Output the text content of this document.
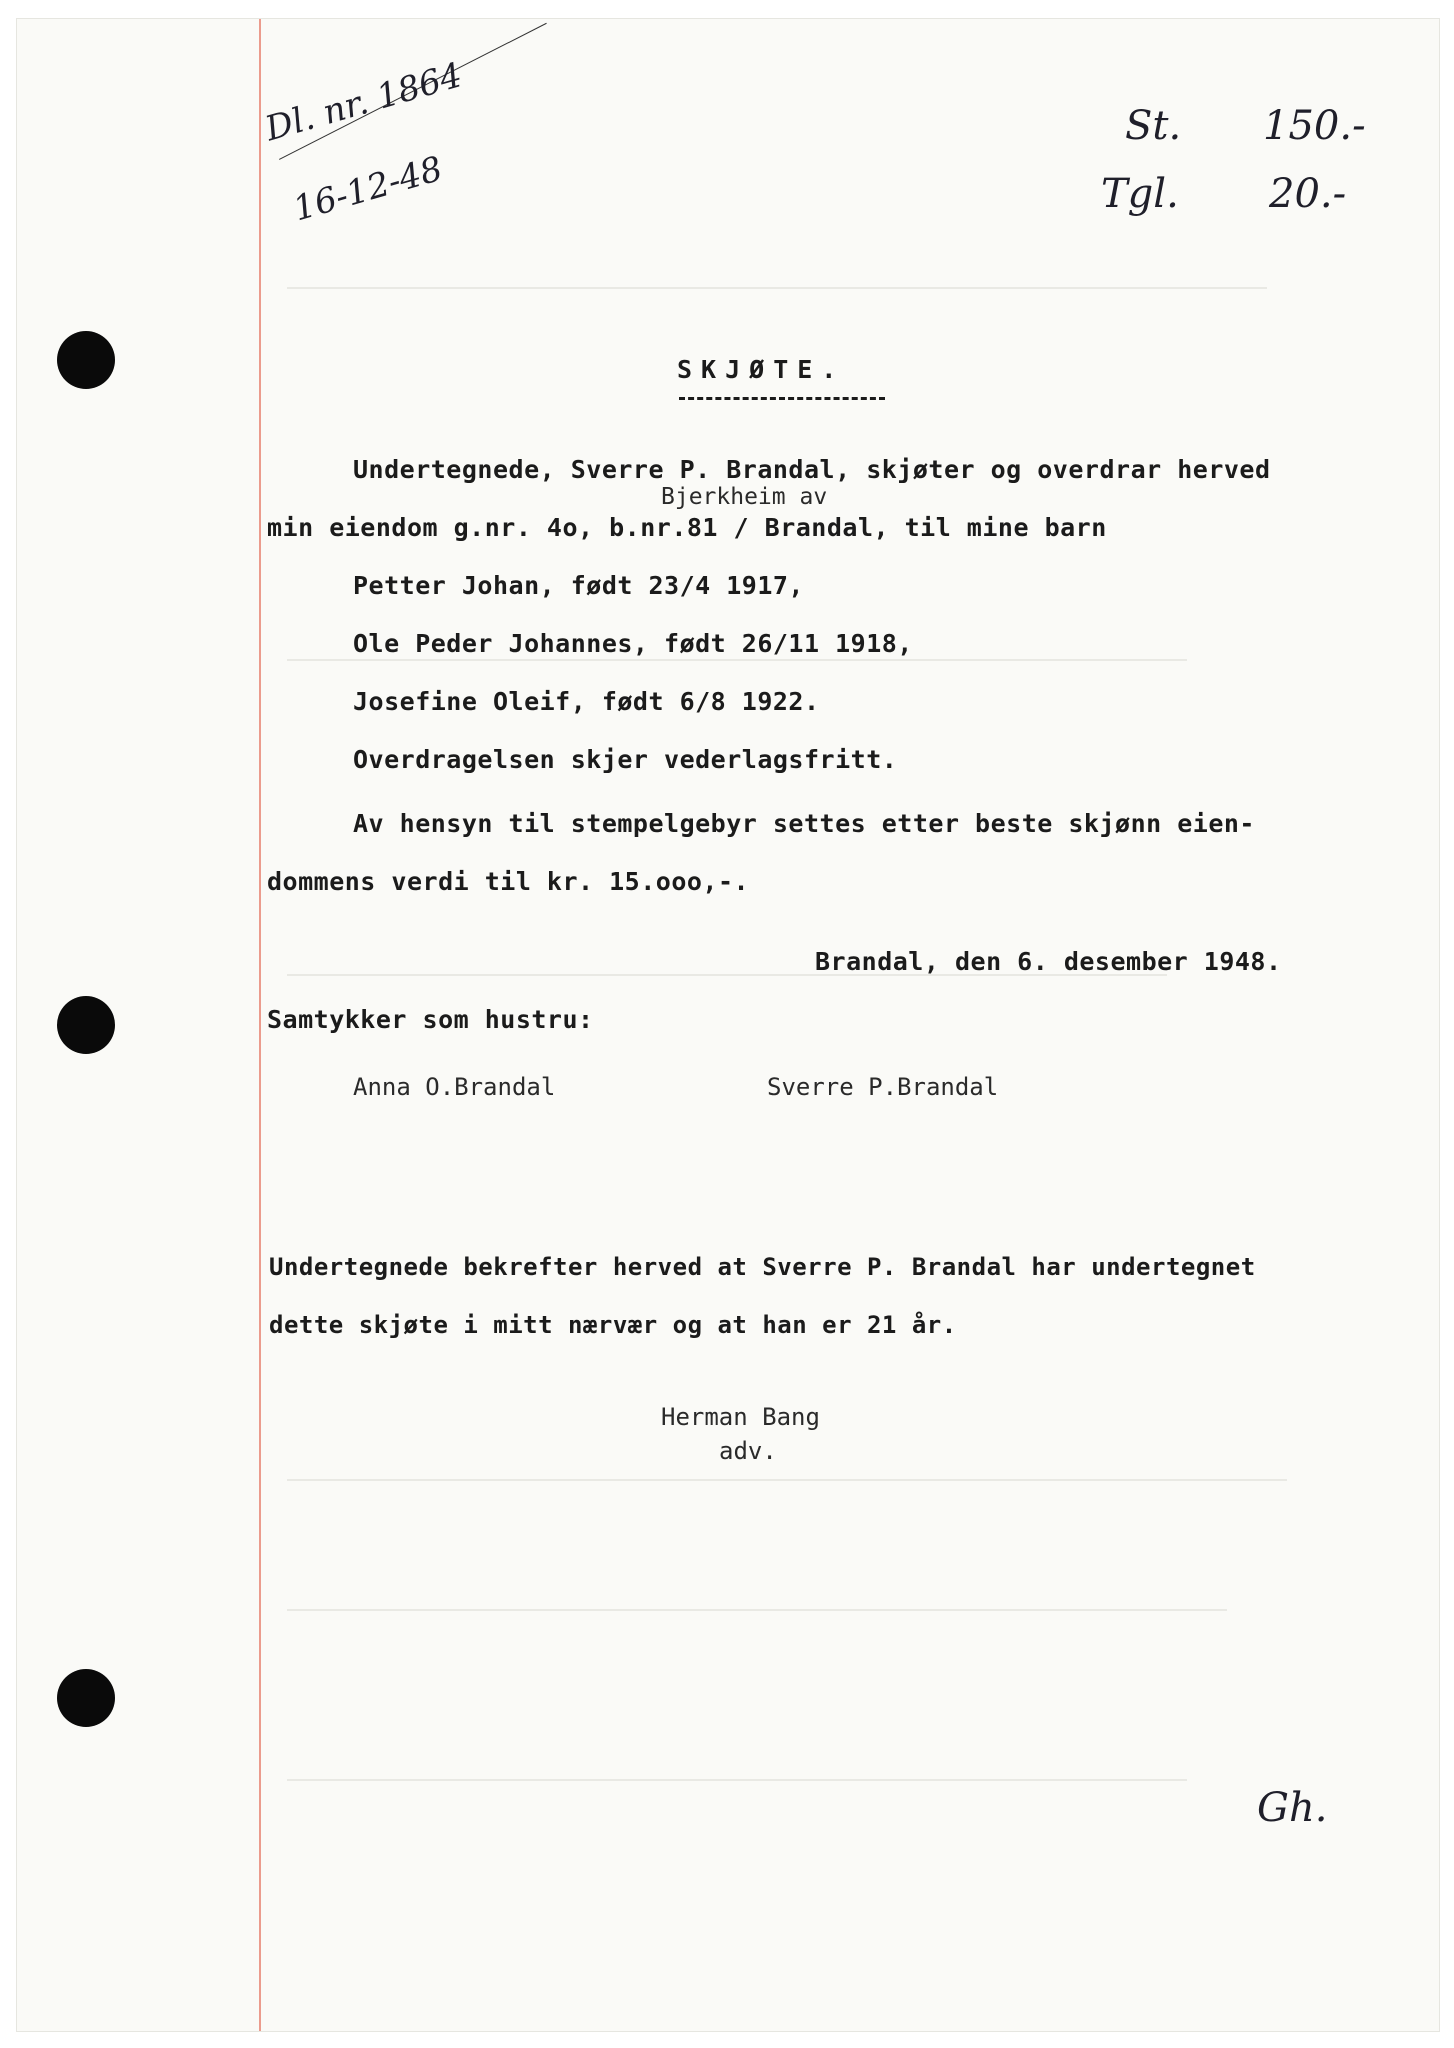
Dl. nr. 1864
16-12-48
St. 150.-
Tgl. 20.-
SKJØTE.
Undertegnede, Sverre P. Brandal, skjøter og overdrar herved
Bjerkheim av
min eiendom g.nr. 4o, b.nr.81 / Brandal, til mine barn
Petter Johan, født 23/4 1917,
Ole Peder Johannes, født 26/11 1918,
Josefine Oleif, født 6/8 1922.
Overdragelsen skjer vederlagsfritt.
Av hensyn til stempelgebyr settes etter beste skjønn eien-
dommens verdi til kr. 15.ooo,-.
Brandal, den 6. desember 1948.
Samtykker som hustru:
Anna O.Brandal	Sverre P.Brandal
Undertegnede bekrefter herved at Sverre P. Brandal har undertegnet
dette skjøte i mitt nærvær og at han er 21 år.
Herman Bang
adv.
Gh.
